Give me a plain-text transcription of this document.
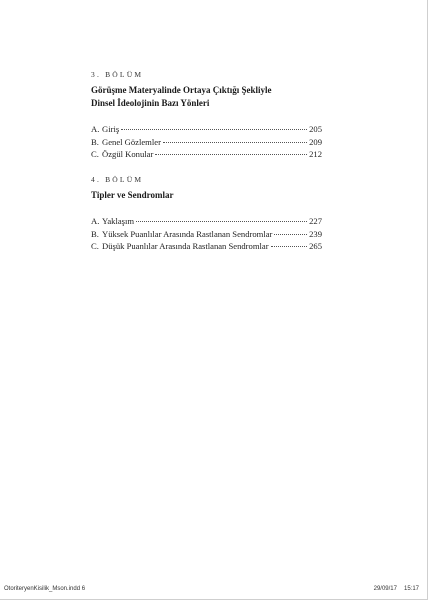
3. BÖLÜM
Görüşme Materyalinde Ortaya Çıktığı Şekliyle
Dinsel İdeolojinin Bazı Yönleri
A. Giriş	205
B. Genel Gözlemler	209
C. Özgül Konular	212
4. BÖLÜM
Tipler ve Sendromlar
A. Yaklaşım	227
B. Yüksek Puanlılar Arasında Rastlanan Sendromlar	239
C. Düşük Puanlılar Arasında Rastlanan Sendromlar	265
OtoriteryenKisilik_Mson.indd 6	29/09/17 15:17
